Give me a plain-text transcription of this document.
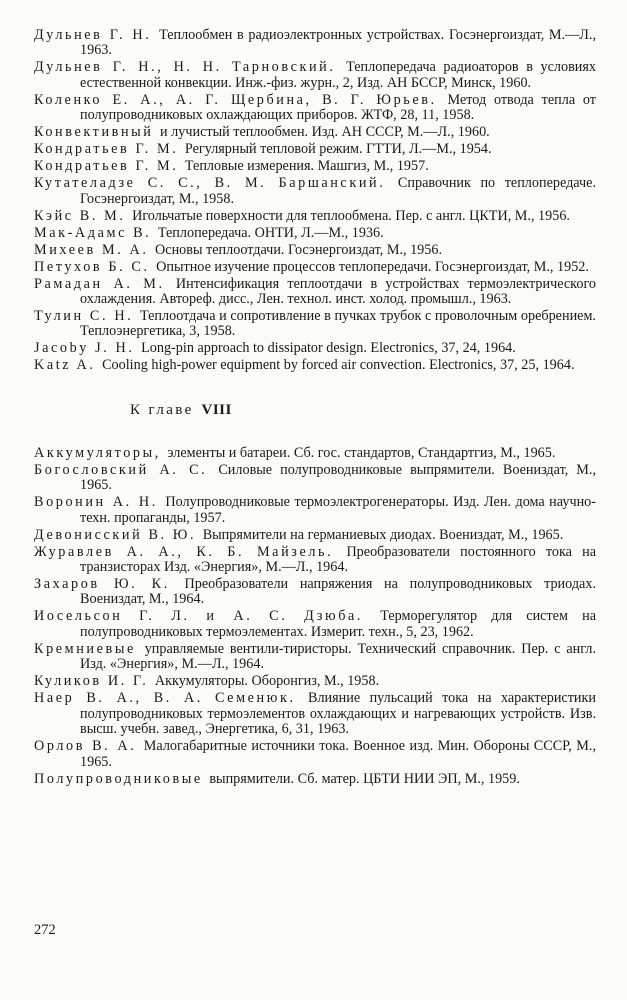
Дульнев Г. Н. Теплообмен в радиоэлектронных устройствах. Госэнергоиздат, М.—Л., 1963.

Дульнев Г. Н., Н. Н. Тарновский. Теплопередача радиоаторов в условиях естественной конвекции. Инж.-физ. журн., 2, Изд. АН БССР, Минск, 1960.

Коленко Е. А., А. Г. Щербина, В. Г. Юрьев. Метод отвода тепла от полупроводниковых охлаждающих приборов. ЖТФ, 28, 11, 1958.

Конвективный и лучистый теплообмен. Изд. АН СССР, М.—Л., 1960.

Кондратьев Г. М. Регулярный тепловой режим. ГТТИ, Л.—М., 1954.

Кондратьев Г. М. Тепловые измерения. Машгиз, М., 1957.

Кутателадзе С. С., В. М. Баршанский. Справочник по теплопередаче. Госэнергоиздат, М., 1958.

Кэйс В. М. Игольчатые поверхности для теплообмена. Пер. с англ. ЦКТИ, М., 1956.

Мак-Адамс В. Теплопередача. ОНТИ, Л.—М., 1936.

Михеев М. А. Основы теплоотдачи. Госэнергоиздат, М., 1956.

Петухов Б. С. Опытное изучение процессов теплопередачи. Госэнергоиздат, М., 1952.

Рамадан А. М. Интенсификация теплоотдачи в устройствах термоэлектрического охлаждения. Автореф. дисс., Лен. технол. инст. холод. промышл., 1963.

Тулин С. Н. Теплоотдача и сопротивление в пучках трубок с проволочным оребрением. Теплоэнергетика, 3, 1958.

Jacoby J. H. Long-pin approach to dissipator design. Electronics, 37, 24, 1964.

Katz A. Cooling high-power equipment by forced air convection. Electronics, 37, 25, 1964.

К главе VIII

Аккумуляторы, элементы и батареи. Сб. гос. стандартов, Стандартгиз, М., 1965.

Богословский А. С. Силовые полупроводниковые выпрямители. Воениздат, М., 1965.

Воронин А. Н. Полупроводниковые термоэлектрогенераторы. Изд. Лен. дома научно-техн. пропаганды, 1957.

Девонисский В. Ю. Выпрямители на германиевых диодах. Воениздат, М., 1965.

Журавлев А. А., К. Б. Майзель. Преобразователи постоянного тока на транзисторах Изд. «Энергия», М.—Л., 1964.

Захаров Ю. К. Преобразователи напряжения на полупроводниковых триодах. Воениздат, М., 1964.

Иосельсон Г. Л. и А. С. Дзюба. Терморегулятор для систем на полупроводниковых термоэлементах. Измерит. техн., 5, 23, 1962.

Кремниевые управляемые вентили-тиристоры. Технический справочник. Пер. с англ. Изд. «Энергия», М.—Л., 1964.

Куликов И. Г. Аккумуляторы. Оборонгиз, М., 1958.

Наер В. А., В. А. Семенюк. Влияние пульсаций тока на характеристики полупроводниковых термоэлементов охлаждающих и нагревающих устройств. Изв. высш. учебн. завед., Энергетика, 6, 31, 1963.

Орлов В. А. Малогабаритные источники тока. Военное изд. Мин. Обороны СССР, М., 1965.

Полупроводниковые выпрямители. Сб. матер. ЦБТИ НИИ ЭП, М., 1959.

272
